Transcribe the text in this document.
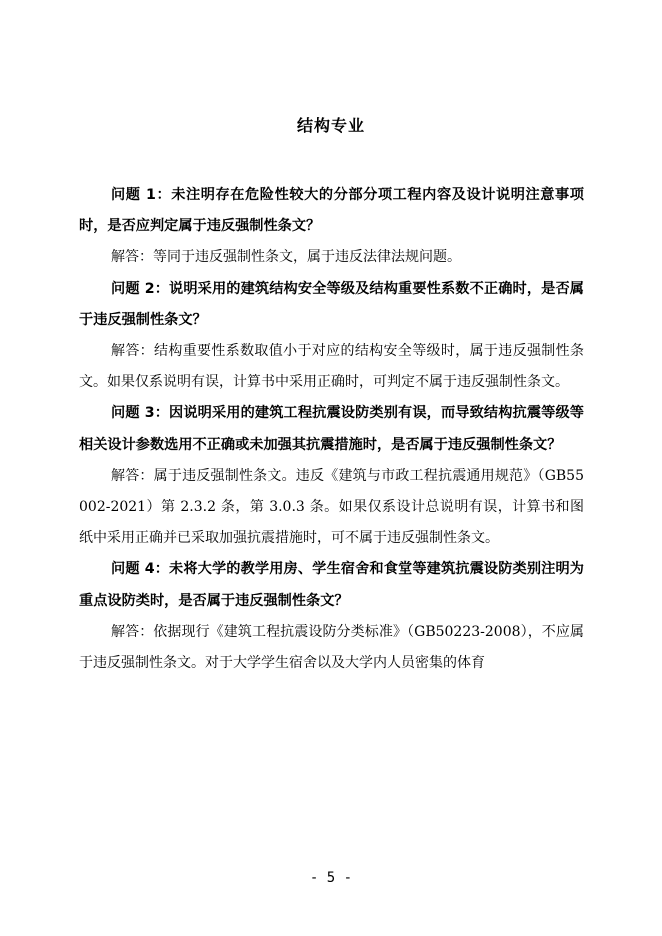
结构专业

问题 1：未注明存在危险性较大的分部分项工程内容及设计说明注意事项时，是否应判定属于违反强制性条文？

解答：等同于违反强制性条文，属于违反法律法规问题。

问题 2：说明采用的建筑结构安全等级及结构重要性系数不正确时，是否属于违反强制性条文？

解答：结构重要性系数取值小于对应的结构安全等级时，属于违反强制性条文。如果仅系说明有误，计算书中采用正确时，可判定不属于违反强制性条文。

问题 3：因说明采用的建筑工程抗震设防类别有误，而导致结构抗震等级等相关设计参数选用不正确或未加强其抗震措施时，是否属于违反强制性条文？

解答：属于违反强制性条文。违反《建筑与市政工程抗震通用规范》（GB55002-2021）第 2.3.2 条，第 3.0.3 条。如果仅系设计总说明有误，计算书和图纸中采用正确并已采取加强抗震措施时，可不属于违反强制性条文。

问题 4：未将大学的教学用房、学生宿舍和食堂等建筑抗震设防类别注明为重点设防类时，是否属于违反强制性条文？

解答：依据现行《建筑工程抗震设防分类标准》（GB50223-2008），不应属于违反强制性条文。对于大学学生宿舍以及大学内人员密集的体育

- 5 -
